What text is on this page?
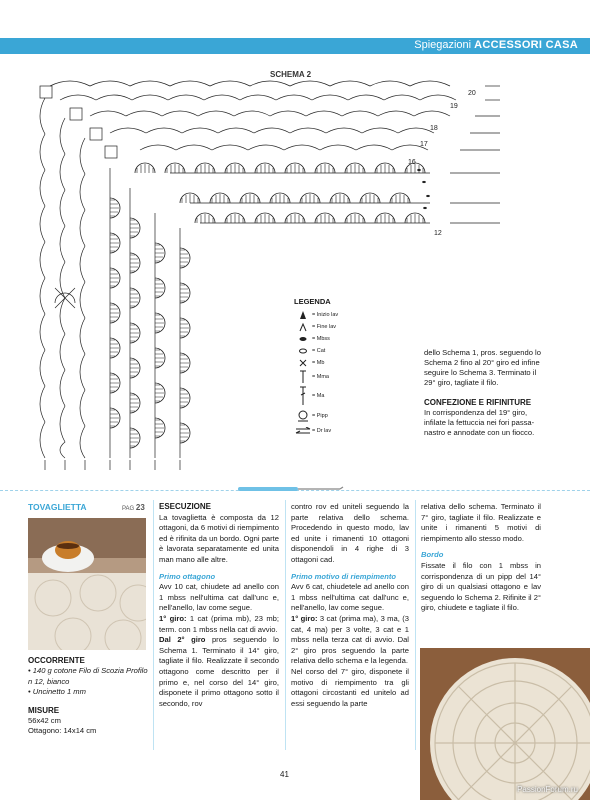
Spiegazioni ACCESSORI CASA
SCHEMA 2
20
19
18
17
16
12
LEGENDA
= Inizio lav
= Fine lav
= Mbss
= Cat
= Mb
= Mma
= Ma
= Pipp
= Dr lav
dello Schema 1, pros. seguendo lo Schema 2 fino al 20° giro ed infine seguire lo Schema 3. Terminato il 29° giro, tagliate il filo.
CONFEZIONE E RIFINITURE
In corrispondenza del 19° giro, infilate la fettuccia nei fori passa-nastro e annodate con un fiocco.
TOVAGLIETTA	PAG 23
OCCORRENTE
• 140 g cotone Filo di Scozia Profilo n 12, bianco
• Uncinetto 1 mm
MISURE
56x42 cm
Ottagono: 14x14 cm
ESECUZIONE
La tovaglietta è composta da 12 ottagoni, da 6 motivi di riempimento ed è rifinita da un bordo. Ogni parte è lavorata separatamente ed unita man mano alle altre.
Primo ottagono
Avv 10 cat, chiudete ad anello con 1 mbss nell'ultima cat dall'unc e, nell'anello, lav come segue.
1° giro: 1 cat (prima mb), 23 mb; term. con 1 mbss nella cat di avvio.
Dal 2° giro pros seguendo lo Schema 1. Terminato il 14° giro, tagliate il filo. Realizzate il secondo ottagono come descritto per il primo e, nel corso del 14° giro, disponete il primo ottagono sotto il secondo, rov
contro rov ed uniteli seguendo la parte relativa dello schema. Procedendo in questo modo, lav ed unite i rimanenti 10 ottagoni disponendoli in 4 righe di 3 ottagoni cad.
Primo motivo di riempimento
Avv 6 cat, chiudetele ad anello con 1 mbss nell'ultima cat dall'unc e, nell'anello, lav come segue.
1° giro: 3 cat (prima ma), 3 ma, (3 cat, 4 ma) per 3 volte, 3 cat e 1 mbss nella terza cat di avvio. Dal 2° giro pros seguendo la parte relativa dello schema e la legenda.
Nel corso del 7° giro, disponete il motivo di riempimento tra gli ottagoni circostanti ed unitelo ad essi seguendo la parte
relativa dello schema. Terminato il 7° giro, tagliate il filo. Realizzate e unite i rimanenti 5 motivi di riempimento allo stesso modo.
Bordo
Fissate il filo con 1 mbss in corrispondenza di un pipp del 14° giro di un qualsiasi ottagono e lav seguendo lo Schema 2. Rifinite il 2° giro, chiudete e tagliate il filo.
41
PassionForum.ru
